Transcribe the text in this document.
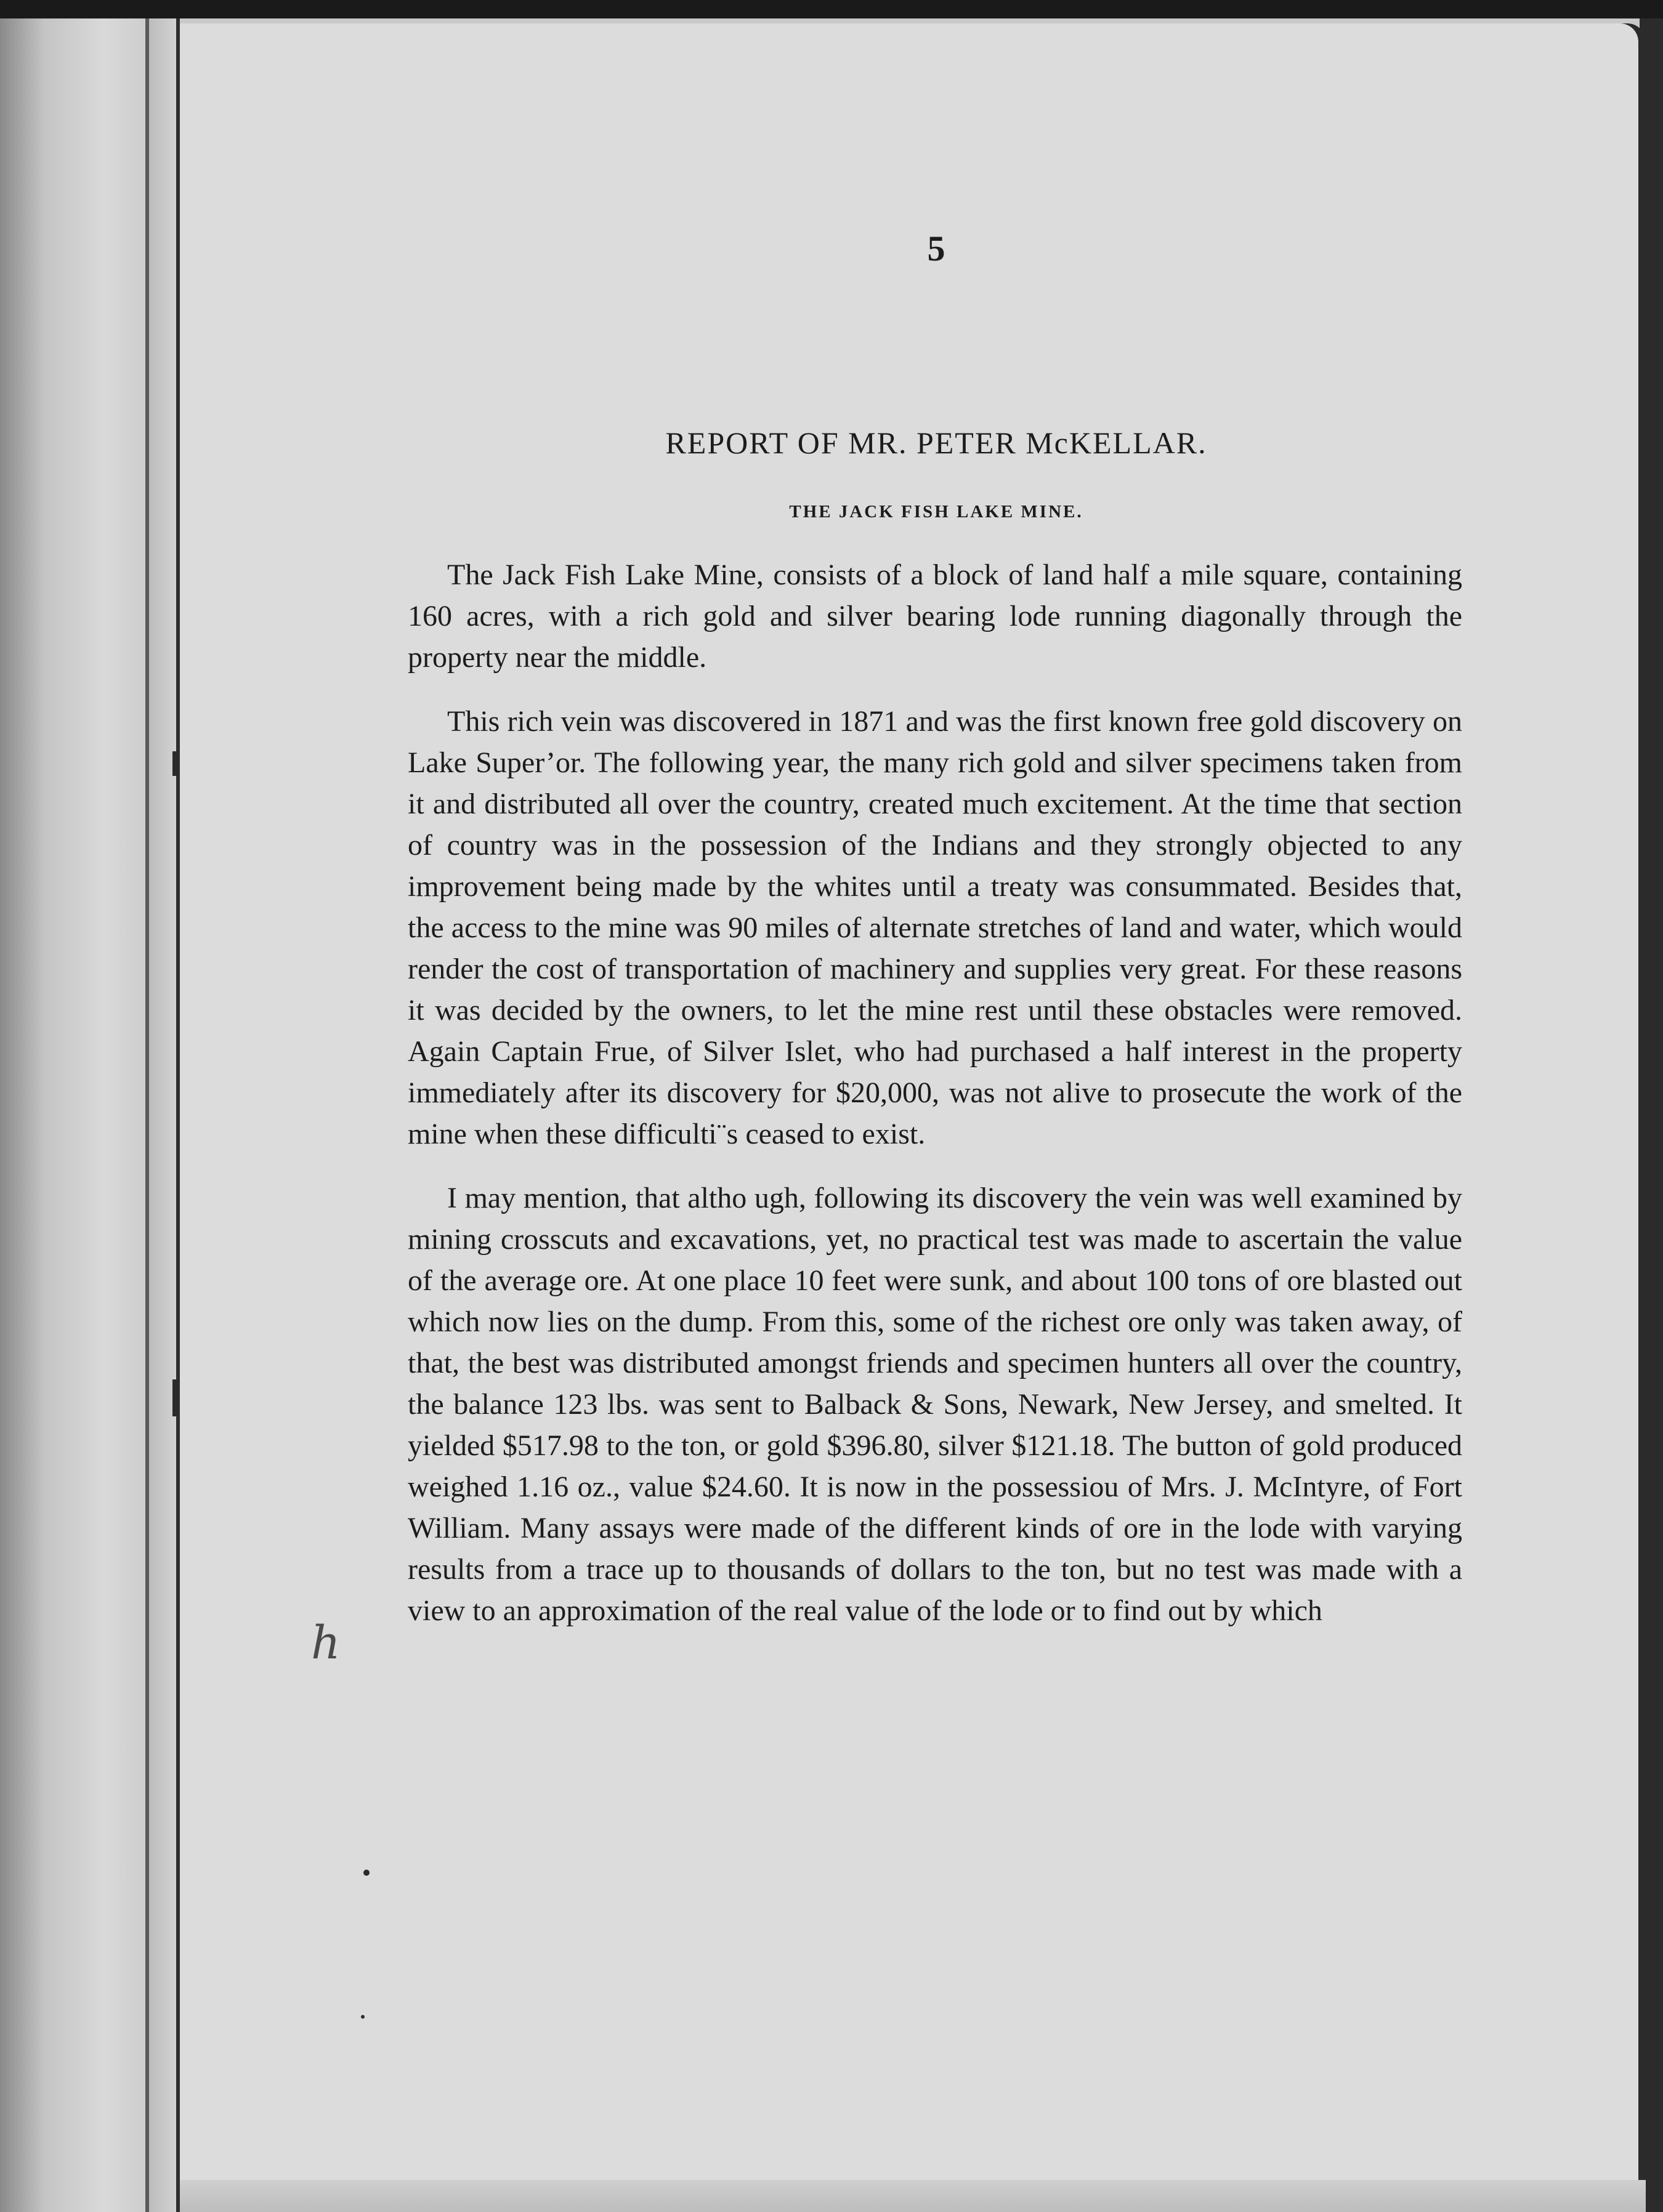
5
REPORT OF MR. PETER McKELLAR.
THE JACK FISH LAKE MINE.
h

The Jack Fish Lake Mine, consists of a block of land half a mile square, containing 160 acres, with a rich gold and silver bearing lode running diagonally through the property near the middle.

This rich vein was discovered in 1871 and was the first known free gold discovery on Lake Super’or. The following year, the many rich gold and silver specimens taken from it and distributed all over the country, created much excitement. At the time that section of country was in the possession of the Indians and they strongly objected to any improvement being made by the whites until a treaty was consummated. Besides that, the access to the mine was 90 miles of alternate stretches of land and water, which would render the cost of transportation of machinery and supplies very great. For these reasons it was decided by the owners, to let the mine rest until these obstacles were removed. Again Captain Frue, of Silver Islet, who had purchased a half interest in the property immediately after its discovery for $20,000, was not alive to prosecute the work of the mine when these difficulti¨s ceased to exist.

I may mention, that altho ugh, following its discovery the vein was well examined by mining crosscuts and excavations, yet, no practical test was made to ascertain the value of the average ore. At one place 10 feet were sunk, and about 100 tons of ore blasted out which now lies on the dump. From this, some of the richest ore only was taken away, of that, the best was distributed amongst friends and specimen hunters all over the country, the balance 123 lbs. was sent to Balback & Sons, Newark, New Jersey, and smelted. It yielded $517.98 to the ton, or gold $396.80, silver $121.18. The button of gold produced weighed 1.16 oz., value $24.60. It is now in the possessiou of Mrs. J. McIntyre, of Fort William. Many assays were made of the different kinds of ore in the lode with varying results from a trace up to thousands of dollars to the ton, but no test was made with a view to an approximation of the real value of the lode or to find out by which
